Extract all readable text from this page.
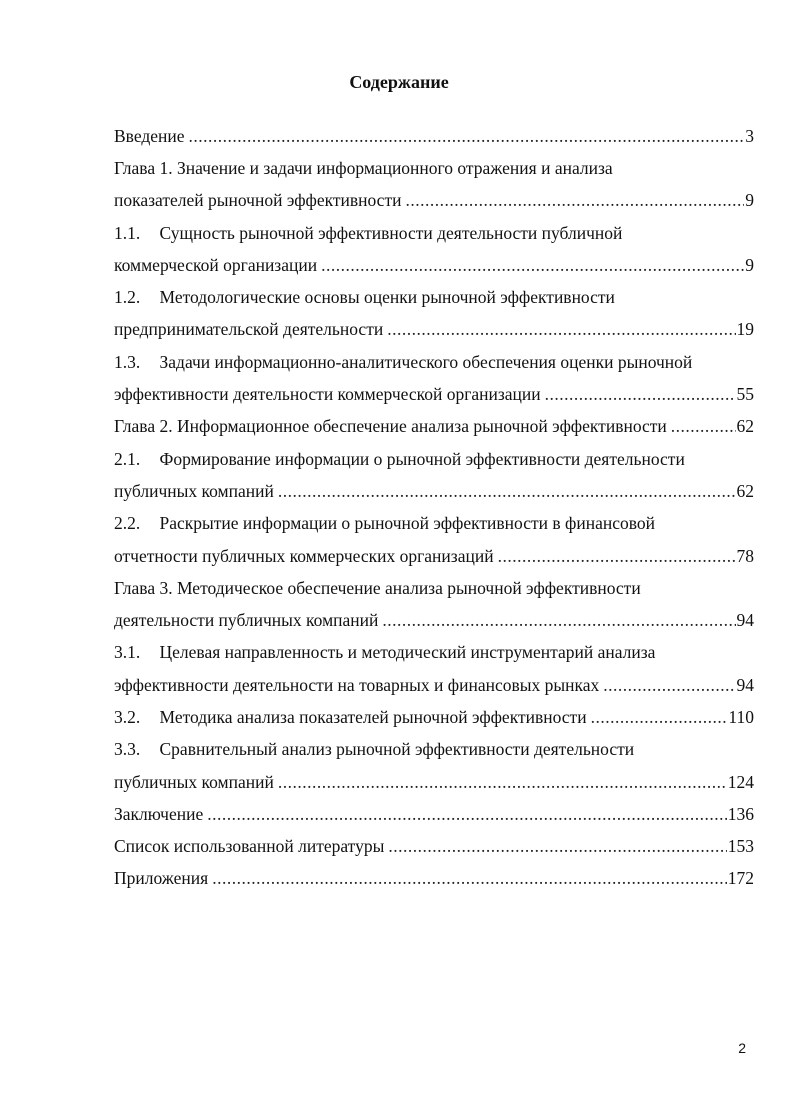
Содержание
Введение .....	3
Глава 1. Значение и задачи информационного отражения и анализа
показателей рыночной эффективности .....	9
1.1.	Сущность рыночной эффективности деятельности публичной
коммерческой организации .....	9
1.2.	Методологические основы оценки рыночной эффективности
предпринимательской деятельности .....	19
1.3.	Задачи информационно-аналитического обеспечения оценки рыночной
эффективности деятельности коммерческой организации .....	55
Глава 2. Информационное обеспечение анализа рыночной эффективности .....	62
2.1.	Формирование информации о рыночной эффективности деятельности
публичных компаний .....	62
2.2.	Раскрытие информации о рыночной эффективности в финансовой
отчетности публичных коммерческих организаций .....	78
Глава 3. Методическое обеспечение анализа рыночной эффективности
деятельности публичных компаний .....	94
3.1.	Целевая направленность и методический инструментарий анализа
эффективности деятельности на товарных и финансовых рынках .....	94
3.2.	Методика анализа показателей рыночной эффективности .....	110
3.3.	Сравнительный анализ рыночной эффективности деятельности
публичных компаний .....	124
Заключение .....	136
Список использованной литературы .....	153
Приложения .....	172
2
